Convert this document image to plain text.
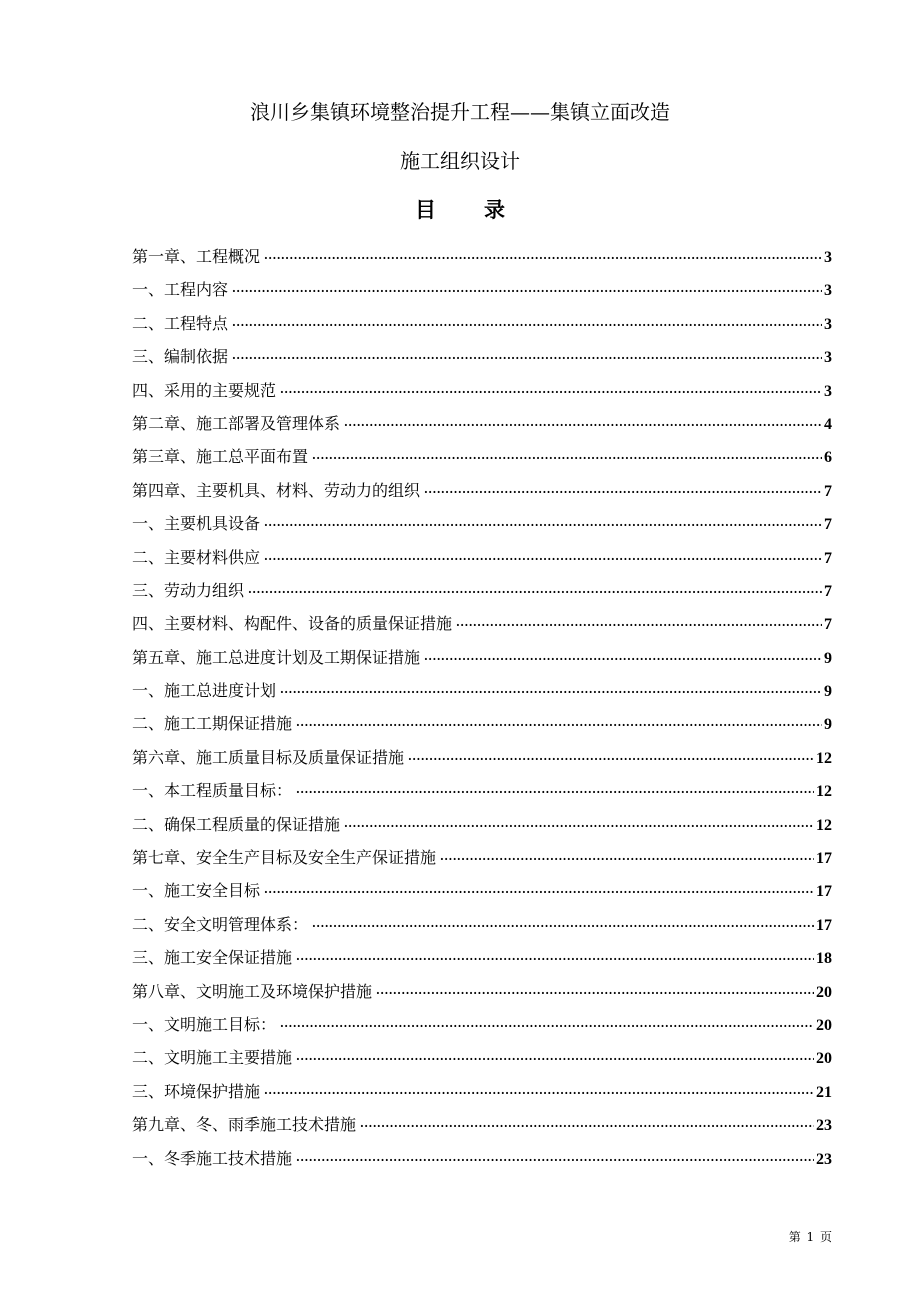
浪川乡集镇环境整治提升工程——集镇立面改造
施工组织设计
目录
第一章、工程概况 ·····	3
一、工程内容 ·····	3
二、工程特点 ·····	3
三、编制依据 ·····	3
四、采用的主要规范 ·····	3
第二章、施工部署及管理体系 ·····	4
第三章、施工总平面布置 ·····	6
第四章、主要机具、材料、劳动力的组织 ·····	7
一、主要机具设备 ·····	7
二、主要材料供应 ·····	7
三、劳动力组织 ·····	7
四、主要材料、构配件、设备的质量保证措施 ·····	7
第五章、施工总进度计划及工期保证措施 ·····	9
一、施工总进度计划 ·····	9
二、施工工期保证措施 ·····	9
第六章、施工质量目标及质量保证措施 ·····	12
一、本工程质量目标： ·····	12
二、确保工程质量的保证措施 ·····	12
第七章、安全生产目标及安全生产保证措施 ·····	17
一、施工安全目标 ·····	17
二、安全文明管理体系： ·····	17
三、施工安全保证措施 ·····	18
第八章、文明施工及环境保护措施 ·····	20
一、文明施工目标： ·····	20
二、文明施工主要措施 ·····	20
三、环境保护措施 ·····	21
第九章、冬、雨季施工技术措施 ·····	23
一、冬季施工技术措施 ·····	23
第 1 页
